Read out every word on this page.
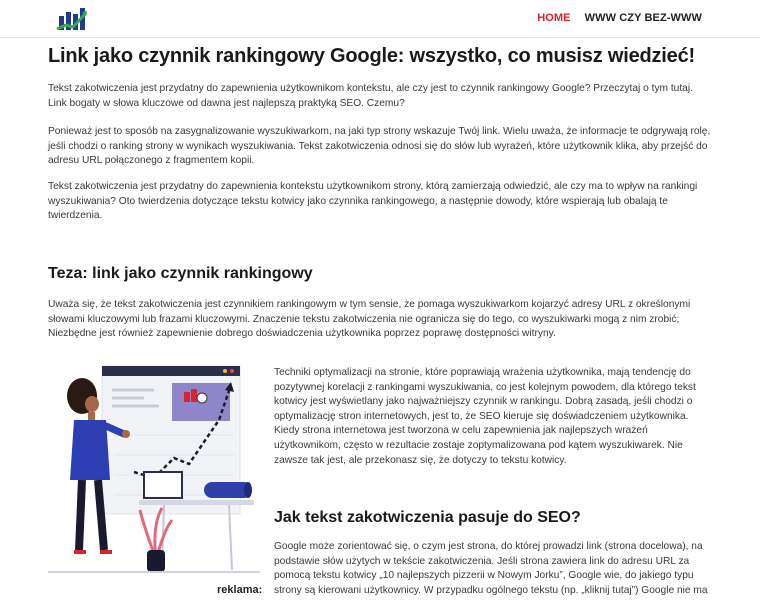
HOME WWW CZY BEZ-WWW
Link jako czynnik rankingowy Google: wszystko, co musisz wiedzieć!

Tekst zakotwiczenia jest przydatny do zapewnienia użytkownikom kontekstu, ale czy jest to czynnik rankingowy Google? Przeczytaj o tym tutaj. Link bogaty w słowa kluczowe od dawna jest najlepszą praktyką SEO. Czemu?

Ponieważ jest to sposób na zasygnalizowanie wyszukiwarkom, na jaki typ strony wskazuje Twój link. Wielu uważa, że informacje te odgrywają rolę, jeśli chodzi o ranking strony w wynikach wyszukiwania. Tekst zakotwiczenia odnosi się do słów lub wyrażeń, które użytkownik klika, aby przejść do adresu URL połączonego z fragmentem kopii.

Tekst zakotwiczenia jest przydatny do zapewnienia kontekstu użytkownikom strony, którą zamierzają odwiedzić, ale czy ma to wpływ na rankingi wyszukiwania? Oto twierdzenia dotyczące tekstu kotwicy jako czynnika rankingowego, a następnie dowody, które wspierają lub obalają te twierdzenia.

Teza: link jako czynnik rankingowy

Uważa się, że tekst zakotwiczenia jest czynnikiem rankingowym w tym sensie, że pomaga wyszukiwarkom kojarzyć adresy URL z określonymi słowami kluczowymi lub frazami kluczowymi. Znaczenie tekstu zakotwiczenia nie ogranicza się do tego, co wyszukiwarki mogą z nim zrobić; Niezbędne jest również zapewnienie dobrego doświadczenia użytkownika poprzez poprawę dostępności witryny.

reklama:

Techniki optymalizacji na stronie, które poprawiają wrażenia użytkownika, mają tendencję do pozytywnej korelacji z rankingami wyszukiwania, co jest kolejnym powodem, dla którego tekst kotwicy jest wyświetlany jako najważniejszy czynnik w rankingu. Dobrą zasadą, jeśli chodzi o optymalizację stron internetowych, jest to, że SEO kieruje się doświadczeniem użytkownika. Kiedy strona internetowa jest tworzona w celu zapewnienia jak najlepszych wrażeń użytkownikom, często w rezultacie zostaje zoptymalizowana pod kątem wyszukiwarek. Nie zawsze tak jest, ale przekonasz się, że dotyczy to tekstu kotwicy.

Jak tekst zakotwiczenia pasuje do SEO?

Google może zorientować się, o czym jest strona, do której prowadzi link (strona docelowa), na podstawie słów użytych w tekście zakotwiczenia. Jeśli strona zawiera link do adresu URL za pomocą tekstu kotwicy „10 najlepszych pizzerii w Nowym Jorku”, Google wie, do jakiego typu strony są kierowani użytkownicy. W przypadku ogólnego tekstu (np. „kliknij tutaj”) Google nie ma
